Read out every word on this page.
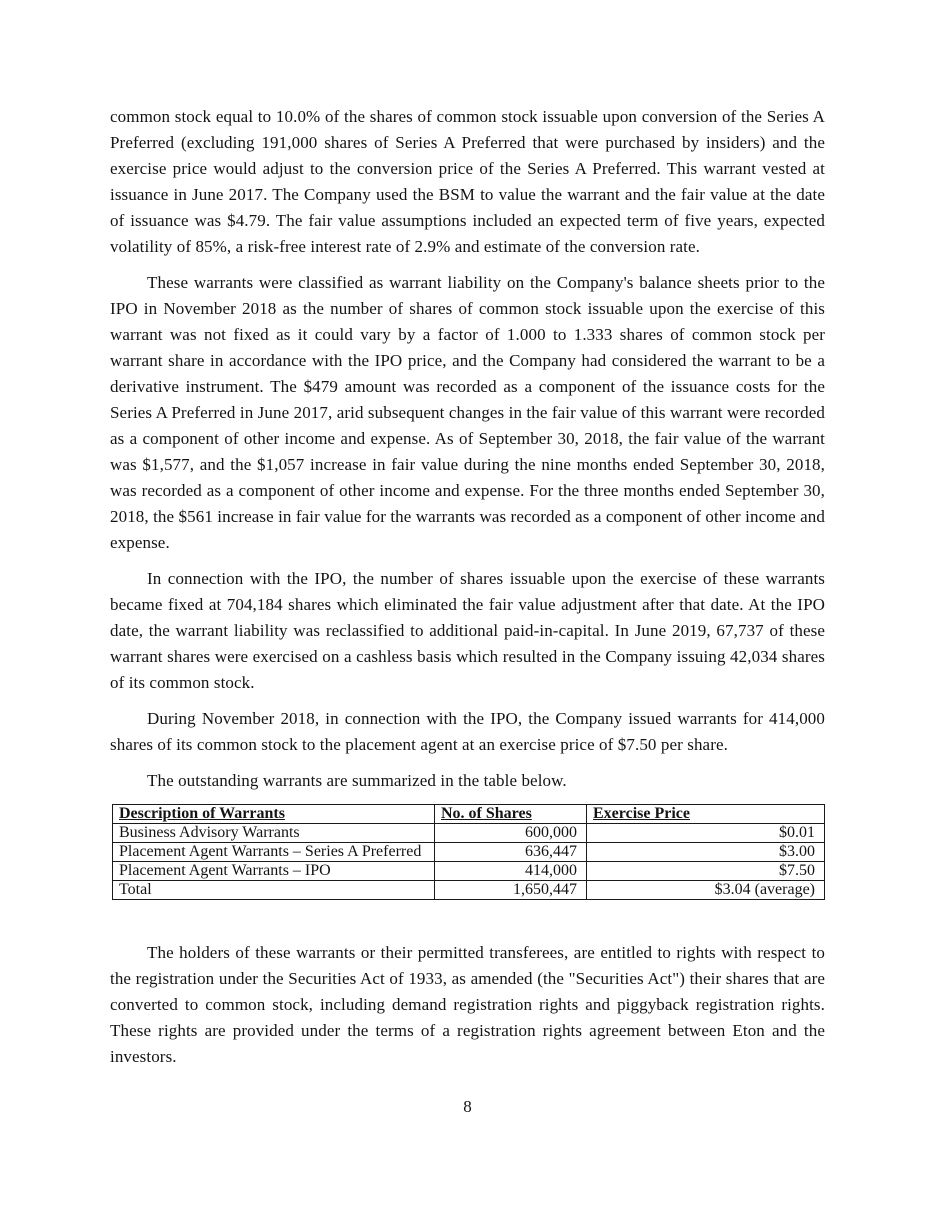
common stock equal to 10.0% of the shares of common stock issuable upon conversion of the Series A Preferred (excluding 191,000 shares of Series A Preferred that were purchased by insiders) and the exercise price would adjust to the conversion price of the Series A Preferred. This warrant vested at issuance in June 2017. The Company used the BSM to value the warrant and the fair value at the date of issuance was $4.79. The fair value assumptions included an expected term of five years, expected volatility of 85%, a risk-free interest rate of 2.9% and estimate of the conversion rate.

These warrants were classified as warrant liability on the Company's balance sheets prior to the IPO in November 2018 as the number of shares of common stock issuable upon the exercise of this warrant was not fixed as it could vary by a factor of 1.000 to 1.333 shares of common stock per warrant share in accordance with the IPO price, and the Company had considered the warrant to be a derivative instrument. The $479 amount was recorded as a component of the issuance costs for the Series A Preferred in June 2017, arid subsequent changes in the fair value of this warrant were recorded as a component of other income and expense. As of September 30, 2018, the fair value of the warrant was $1,577, and the $1,057 increase in fair value during the nine months ended September 30, 2018, was recorded as a component of other income and expense. For the three months ended September 30, 2018, the $561 increase in fair value for the warrants was recorded as a component of other income and expense.

In connection with the IPO, the number of shares issuable upon the exercise of these warrants became fixed at 704,184 shares which eliminated the fair value adjustment after that date. At the IPO date, the warrant liability was reclassified to additional paid-in-capital. In June 2019, 67,737 of these warrant shares were exercised on a cashless basis which resulted in the Company issuing 42,034 shares of its common stock.

During November 2018, in connection with the IPO, the Company issued warrants for 414,000 shares of its common stock to the placement agent at an exercise price of $7.50 per share.

The outstanding warrants are summarized in the table below.

Description of Warrants	No. of Shares	Exercise Price
Business Advisory Warrants	600,000	$0.01
Placement Agent Warrants – Series A Preferred	636,447	$3.00
Placement Agent Warrants – IPO	414,000	$7.50
Total	1,650,447	$3.04 (average)

The holders of these warrants or their permitted transferees, are entitled to rights with respect to the registration under the Securities Act of 1933, as amended (the "Securities Act") their shares that are converted to common stock, including demand registration rights and piggyback registration rights. These rights are provided under the terms of a registration rights agreement between Eton and the investors.

8
